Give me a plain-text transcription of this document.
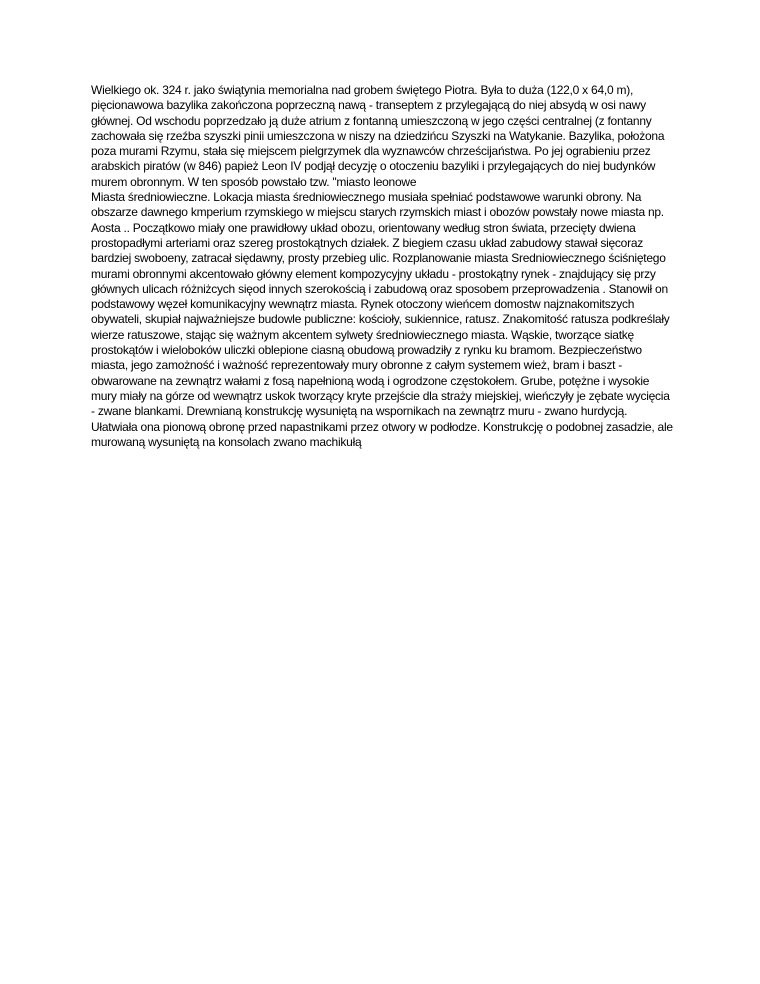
Wielkiego ok. 324 r. jako świątynia memorialna nad grobem świętego Piotra. Była to duża (122,0 x 64,0 m), pięcionawowa bazylika zakończona poprzeczną nawą - transeptem z przylegającą do niej absydą w osi nawy głównej. Od wschodu poprzedzało ją duże atrium z fontanną umieszczoną w jego części centralnej (z fontanny zachowała się rzeźba szyszki pinii umieszczona w niszy na dziedzińcu Szyszki na Watykanie. Bazylika, położona poza murami Rzymu, stała się miejscem pielgrzymek dla wyznawców chrześcijaństwa. Po jej ograbieniu przez arabskich piratów (w 846) papież Leon IV podjął decyzję o otoczeniu bazyliki i przylegających do niej budynków murem obronnym. W ten sposób powstało tzw. "miasto leonowe

Miasta średniowieczne. Lokacja miasta średniowiecznego musiała spełniać podstawowe warunki obrony. Na obszarze dawnego kmperium rzymskiego w miejscu starych rzymskich miast i obozów powstały nowe miasta np. Aosta .. Początkowo miały one prawidłowy układ obozu, orientowany według stron świata, przecięty dwiena prostopadłymi arteriami oraz szereg prostokątnych działek. Z biegiem czasu układ zabudowy stawał sięcoraz bardziej swoboeny, zatracał siędawny, prosty przebieg ulic. Rozplanowanie miasta Sredniowiecznego ściśniętego murami obronnymi akcentowało główny element kompozycyjny układu - prostokątny rynek - znajdujący się przy głównych ulicach różniżcych sięod innych szerokością i zabudową oraz sposobem przeprowadzenia . Stanowił on podstawowy węzeł komunikacyjny wewnątrz miasta. Rynek otoczony wieńcem domostw najznakomitszych obywateli, skupiał najważniejsze budowle publiczne: kościoły, sukiennice, ratusz. Znakomitość ratusza podkreślały wierze ratuszowe, stając się ważnym akcentem sylwety średniowiecznego miasta. Wąskie, tworzące siatkę prostokątów i wieloboków uliczki oblepione ciasną obudową prowadziły z rynku ku bramom. Bezpieczeństwo miasta, jego zamożność i ważność reprezentowały mury obronne z całym systemem wież, bram i baszt - obwarowane na zewnątrz wałami z fosą napełnioną wodą i ogrodzone częstokołem. Grube, potężne i wysokie mury miały na górze od wewnątrz uskok tworzący kryte przejście dla straży miejskiej, wieńczyły je zębate wycięcia - zwane blankami. Drewnianą konstrukcję wysuniętą na wspornikach na zewnątrz muru - zwano hurdycją. Ułatwiała ona pionową obronę przed napastnikami przez otwory w podłodze. Konstrukcję o podobnej zasadzie, ale murowaną wysuniętą na konsolach zwano machikułą
